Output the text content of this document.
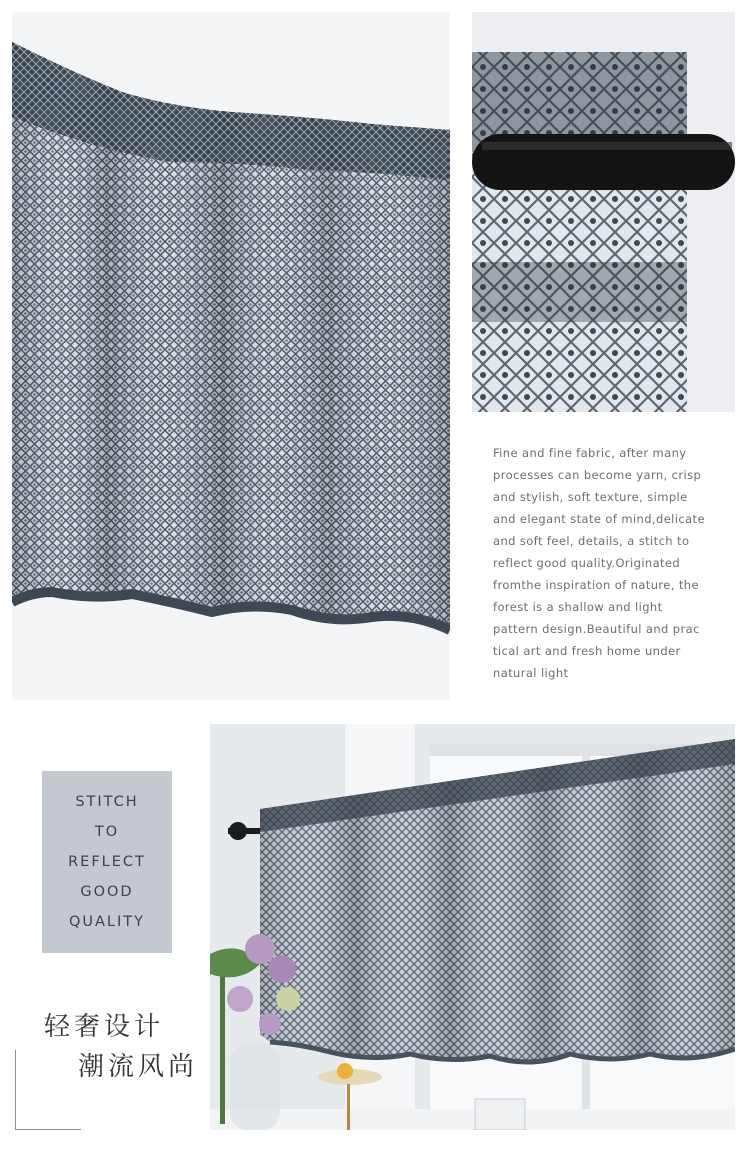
Fine and fine fabric, after many
processes can become yarn, crisp
and stylish, soft texture, simple
and elegant state of mind,delicate
and soft feel, details, a stitch to
reflect good quality.Originated
fromthe inspiration of nature, the
forest is a shallow and light
pattern design.Beautiful and prac
tical art and fresh home under
natural light
STITCH
TO
REFLECT
GOOD
QUALITY
轻奢设计
潮流风尚
